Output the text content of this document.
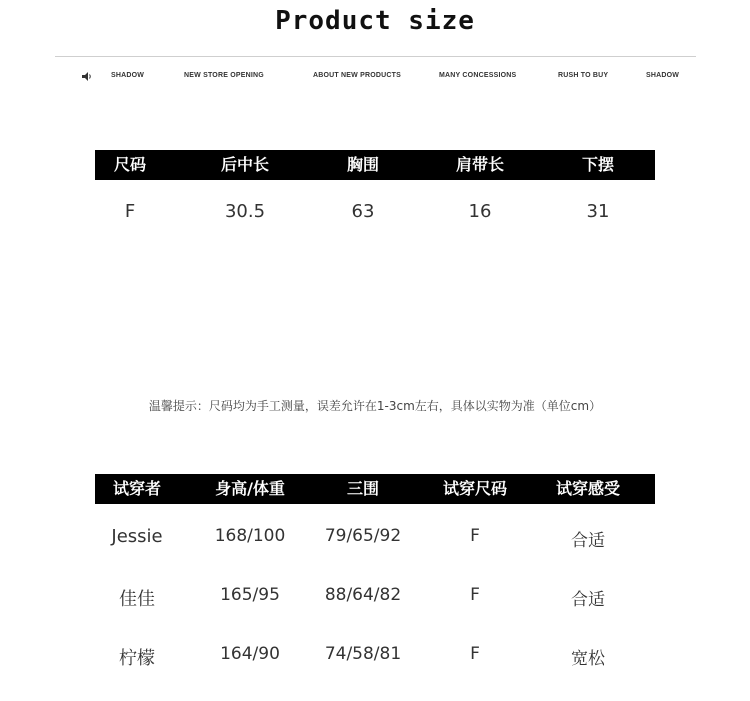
Product size
SHADOW	NEW STORE OPENING	ABOUT NEW PRODUCTS	MANY CONCESSIONS	RUSH TO BUY	SHADOW
尺码	后中长	胸围	肩带长	下摆
F	30.5	63	16	31
温馨提示：尺码均为手工测量，误差允许在1-3cm左右，具体以实物为准（单位cm）
试穿者	身高/体重	三围	试穿尺码	试穿感受
Jessie	168/100	79/65/92	F	合适
佳佳	165/95	88/64/82	F	合适
柠檬	164/90	74/58/81	F	宽松
